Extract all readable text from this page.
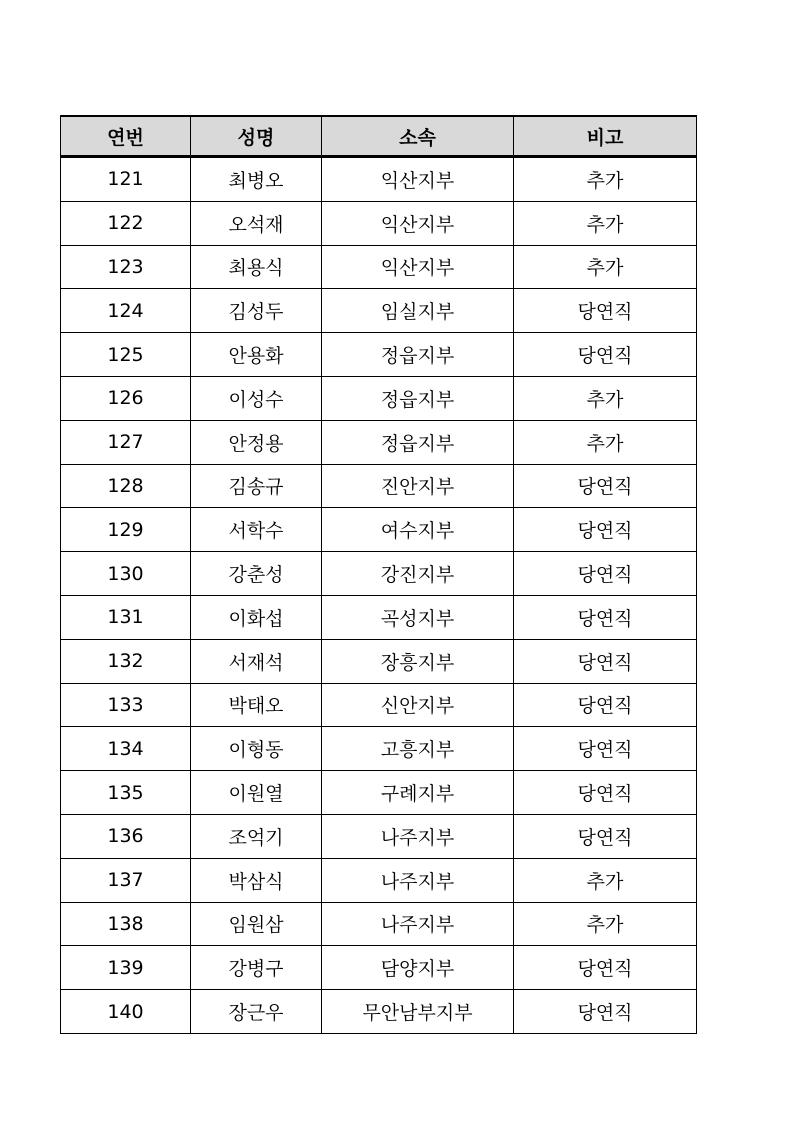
연번	성명	소속	비고
121	최병오	익산지부	추가
122	오석재	익산지부	추가
123	최용식	익산지부	추가
124	김성두	임실지부	당연직
125	안용화	정읍지부	당연직
126	이성수	정읍지부	추가
127	안정용	정읍지부	추가
128	김송규	진안지부	당연직
129	서학수	여수지부	당연직
130	강춘성	강진지부	당연직
131	이화섭	곡성지부	당연직
132	서재석	장흥지부	당연직
133	박태오	신안지부	당연직
134	이형동	고흥지부	당연직
135	이원열	구례지부	당연직
136	조억기	나주지부	당연직
137	박삼식	나주지부	추가
138	임원삼	나주지부	추가
139	강병구	담양지부	당연직
140	장근우	무안남부지부	당연직
